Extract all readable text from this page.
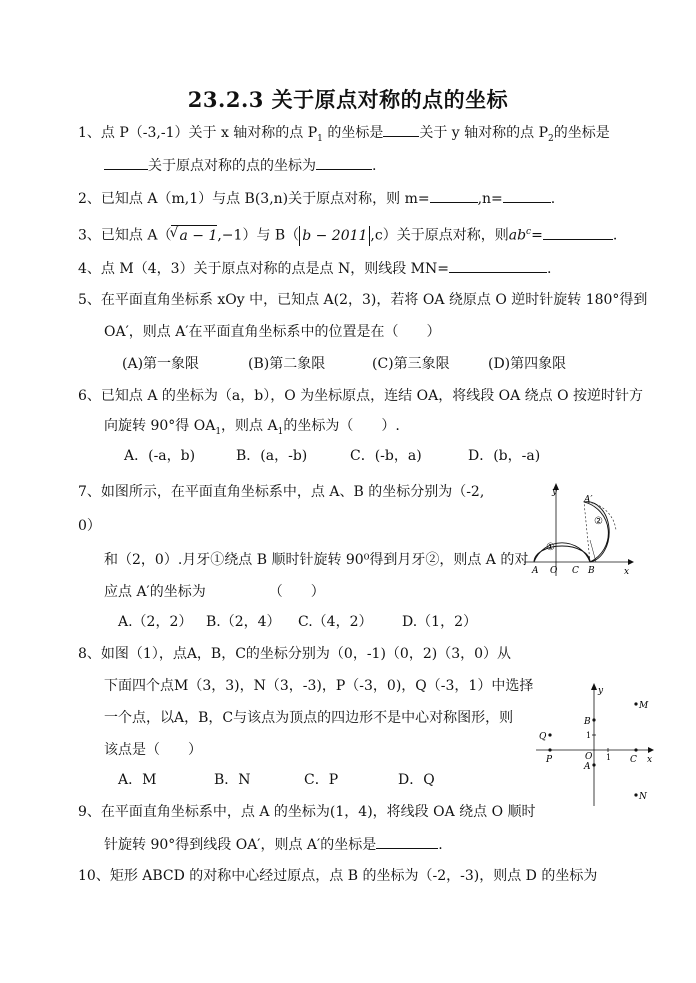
23.2.3 关于原点对称的点的坐标
1、点 P（-3,-1）关于 x 轴对称的点 $P_1$ 的坐标是	关于 y 轴对称的点 $P_2$的坐标是
关于原点对称的点的坐标为	.
2、已知点 A（m,1）与点 B(3,n)关于原点对称，则 m=	,n=	.
3、已知点 A（
√ a − 1,−1）与 B（ b − 2011 ,c）关于原点对称，则$ab^c=$	.
4、点 M（4，3）关于原点对称的点是点 N，则线段 MN=	.
5、在平面直角坐标系 xOy 中，已知点 A(2，3)，若将 OA 绕原点 O 逆时针旋转 180°得到
OA′，则点 A′在平面直角坐标系中的位置是在（　　）
(A)第一象限	(B)第二象限	(C)第三象限	(D)第四象限
6、已知点 A 的坐标为（a，b），O 为坐标原点，连结 OA，将线段 OA 绕点 O 按逆时针方
向旋转 90°得 $OA_1$，则点 $A_1$的坐标为（　　）.
A．(-a，b)	B．(a，-b)	C．(-b，a)	D．(b，-a)
7、如图所示，在平面直角坐标系中，点 A、B 的坐标分别为（-2,
0）
和（2，0）.月牙①绕点 B 顺时针旋转 90⁰得到月牙②，则点 A 的对
应点 A′的坐标为　　　　　（　　）
A.（2，2） B.（2，4） C.（4，2） D.（1，2）
y
x
A O C B
A′
①
②
8、如图（1），点A，B，C的坐标分别为（0，-1)（0，2)（3，0）从
下面四个点M（3，3)，N（3，-3)，P（-3，0)，Q（-3，1）中选择
一个点，以A，B，C与该点为顶点的四边形不是中心对称图形，则
该点是（　　）
A．M	B．N	C．P	D．Q
y
x
M
N
P
Q
B
A
C
O
1
1
9、在平面直角坐标系中，点 A 的坐标为(1，4)，将线段 OA 绕点 O 顺时
针旋转 90°得到线段 OA′，则点 A′的坐标是	.
10、矩形 ABCD 的对称中心经过原点，点 B 的坐标为（-2，-3)，则点 D 的坐标为
